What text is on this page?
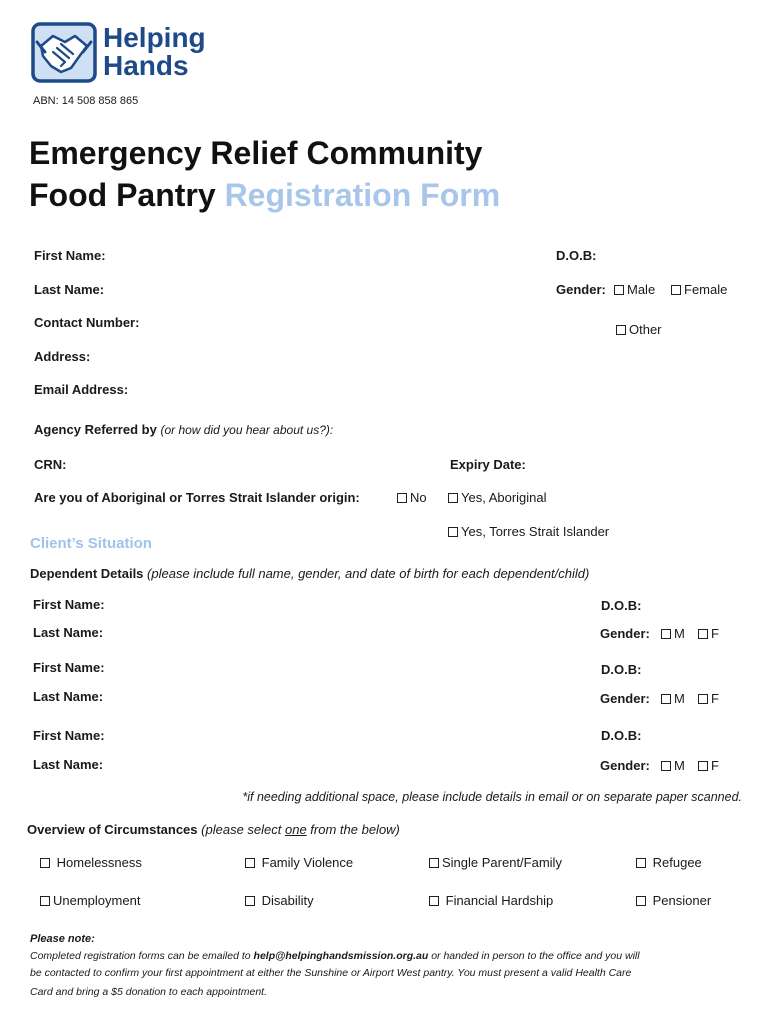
Helping
Hands
ABN: 14 508 858 865
Emergency Relief Community
Food Pantry Registration Form
First Name:
Last Name:
Contact Number:
Address:
Email Address:
D.O.B:
Gender:	Male	Female
Other
Agency Referred by (or how did you hear about us?):
CRN:	Expiry Date:
Are you of Aboriginal or Torres Strait Islander origin:	No	Yes, Aboriginal
Yes, Torres Strait Islander
Client’s Situation
Dependent Details (please include full name, gender, and date of birth for each dependent/child)
First Name:	D.O.B:
Last Name:	Gender:	M	F
First Name:	D.O.B:
Last Name:	Gender:	M	F
First Name:	D.O.B:
Last Name:	Gender:	M	F
*if needing additional space, please include details in email or on separate paper scanned.
Overview of Circumstances (please select one from the below)
Homelessness	Family Violence	Single Parent/Family	Refugee
Unemployment	Disability	Financial Hardship	Pensioner
Please note:
Completed registration forms can be emailed to help@helpinghandsmission.org.au or handed in person to the office and you will
be contacted to confirm your first appointment at either the Sunshine or Airport West pantry. You must present a valid Health Care
Card and bring a $5 donation to each appointment.
